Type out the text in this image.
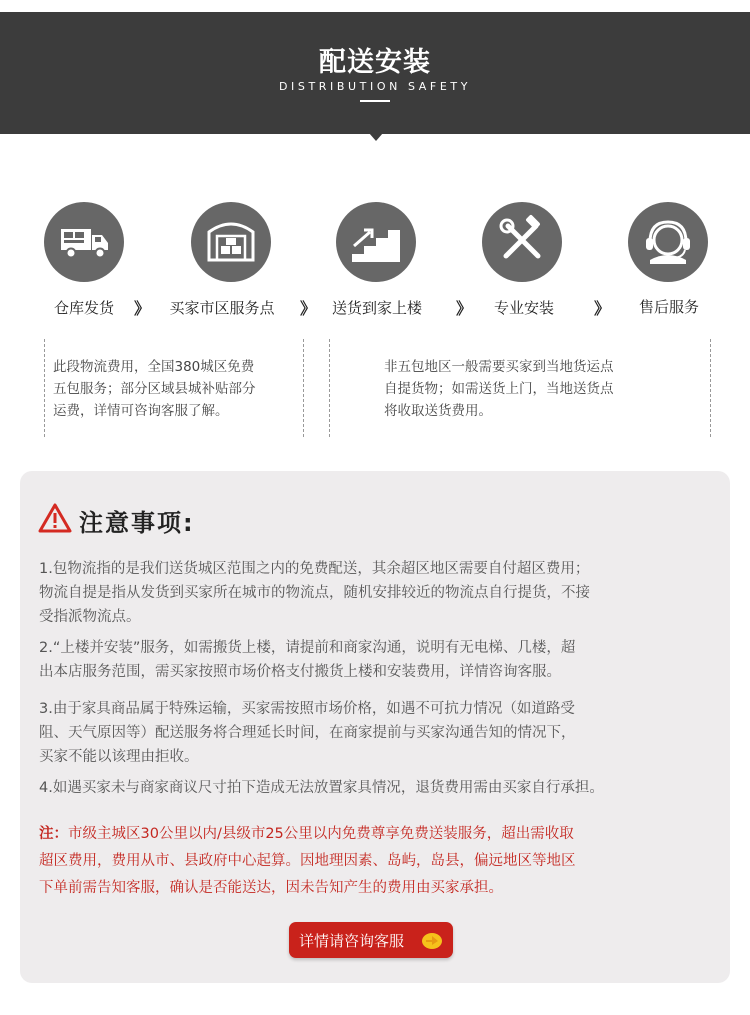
配送安装
DISTRIBUTION SAFETY
仓库发货	》	买家市区服务点	》	送货到家上楼	》	专业安装	》	售后服务
此段物流费用，全国380城区免费
五包服务；部分区域县城补贴部分
运费，详情可咨询客服了解。
非五包地区一般需要买家到当地货运点
自提货物；如需送货上门，当地送货点
将收取送货费用。
注意事项:
1.包物流指的是我们送货城区范围之内的免费配送，其余超区地区需要自付超区费用；
物流自提是指从发货到买家所在城市的物流点，随机安排较近的物流点自行提货，不接
受指派物流点。
2.“上楼并安装”服务，如需搬货上楼，请提前和商家沟通，说明有无电梯、几楼，超
出本店服务范围，需买家按照市场价格支付搬货上楼和安装费用，详情咨询客服。
3.由于家具商品属于特殊运输，买家需按照市场价格，如遇不可抗力情况（如道路受
阻、天气原因等）配送服务将合理延长时间，在商家提前与买家沟通告知的情况下，
买家不能以该理由拒收。
4.如遇买家未与商家商议尺寸拍下造成无法放置家具情况，退货费用需由买家自行承担。
注：市级主城区30公里以内/县级市25公里以内免费尊享免费送装服务，超出需收取
超区费用，费用从市、县政府中心起算。因地理因素、岛屿，岛县，偏远地区等地区
下单前需告知客服，确认是否能送达，因未告知产生的费用由买家承担。
详情请咨询客服
